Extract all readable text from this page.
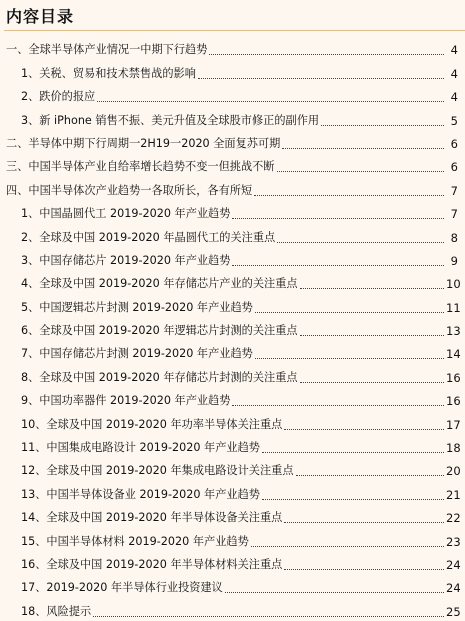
内容目录
一、全球半导体产业情况一中期下行趋势	4
1、关税、贸易和技术禁售战的影响	4
2、跌价的报应	4
3、新 iPhone 销售不振、美元升值及全球股市修正的副作用	5
二、半导体中期下行周期一2H19一2020 全面复苏可期	6
三、中国半导体产业自给率增长趋势不变一但挑战不断	6
四、中国半导体次产业趋势一各取所长，各有所短	7
1、中国晶圆代工 2019-2020 年产业趋势	7
2、全球及中国 2019-2020 年晶圆代工的关注重点	8
3、中国存储芯片 2019-2020 年产业趋势	9
4、全球及中国 2019-2020 年存储芯片产业的关注重点	10
5、中国逻辑芯片封测 2019-2020 年产业趋势	11
6、全球及中国 2019-2020 年逻辑芯片封测的关注重点	13
7、中国存储芯片封测 2019-2020 年产业趋势	14
8、全球及中国 2019-2020 年存储芯片封测的关注重点	16
9、中国功率器件 2019-2020 年产业趋势	16
10、全球及中国 2019-2020 年功率半导体关注重点	17
11、中国集成电路设计 2019-2020 年产业趋势	18
12、全球及中国 2019-2020 年集成电路设计关注重点	20
13、中国半导体设备业 2019-2020 年产业趋势	21
14、全球及中国 2019-2020 年半导体设备关注重点	22
15、中国半导体材料 2019-2020 年产业趋势	23
16、全球及中国 2019-2020 年半导体材料关注重点	24
17、2019-2020 年半导体行业投资建议	24
18、风险提示	25
